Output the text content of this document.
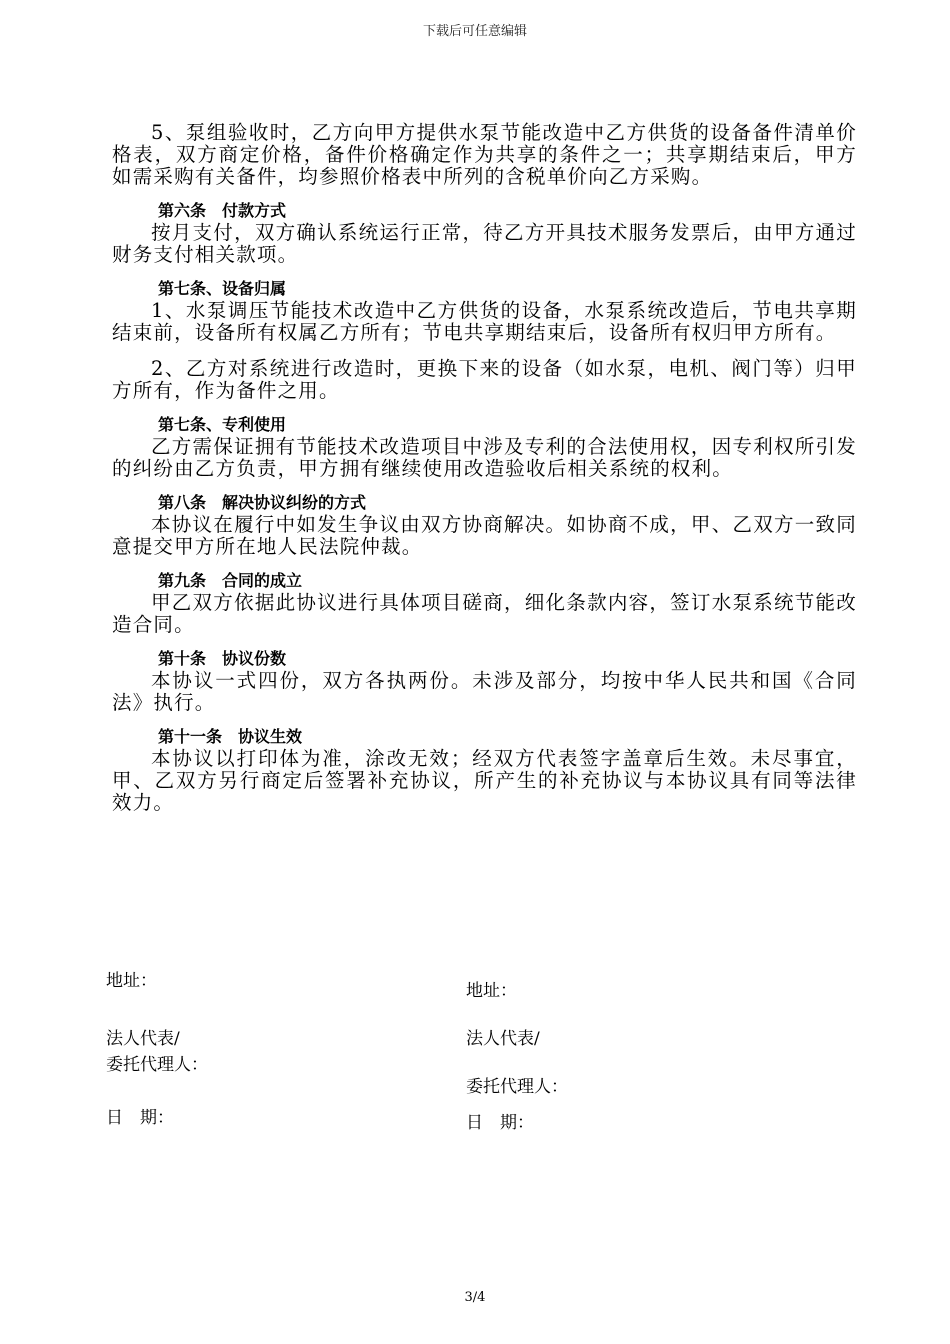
下载后可任意编辑

5、泵组验收时，乙方向甲方提供水泵节能改造中乙方供货的设备备件清单价格表，双方商定价格，备件价格确定作为共享的条件之一；共享期结束后，甲方如需采购有关备件，均参照价格表中所列的含税单价向乙方采购。

第六条　付款方式

按月支付，双方确认系统运行正常，待乙方开具技术服务发票后，由甲方通过财务支付相关款项。

第七条、设备归属

1、水泵调压节能技术改造中乙方供货的设备，水泵系统改造后，节电共享期结束前，设备所有权属乙方所有；节电共享期结束后，设备所有权归甲方所有。

2、乙方对系统进行改造时，更换下来的设备（如水泵，电机、阀门等）归甲方所有，作为备件之用。

第七条、专利使用

乙方需保证拥有节能技术改造项目中涉及专利的合法使用权，因专利权所引发的纠纷由乙方负责，甲方拥有继续使用改造验收后相关系统的权利。

第八条　解决协议纠纷的方式

本协议在履行中如发生争议由双方协商解决。如协商不成，甲、乙双方一致同意提交甲方所在地人民法院仲裁。

第九条　合同的成立

甲乙双方依据此协议进行具体项目磋商，细化条款内容，签订水泵系统节能改造合同。

第十条　协议份数

本协议一式四份，双方各执两份。未涉及部分，均按中华人民共和国《合同法》执行。

第十一条　协议生效

本协议以打印体为准，涂改无效；经双方代表签字盖章后生效。未尽事宜，甲、乙双方另行商定后签署补充协议，所产生的补充协议与本协议具有同等法律效力。

地址：
法人代表/
委托代理人：
日　期：
地址：
法人代表/
委托代理人：
日　期：
3/4
